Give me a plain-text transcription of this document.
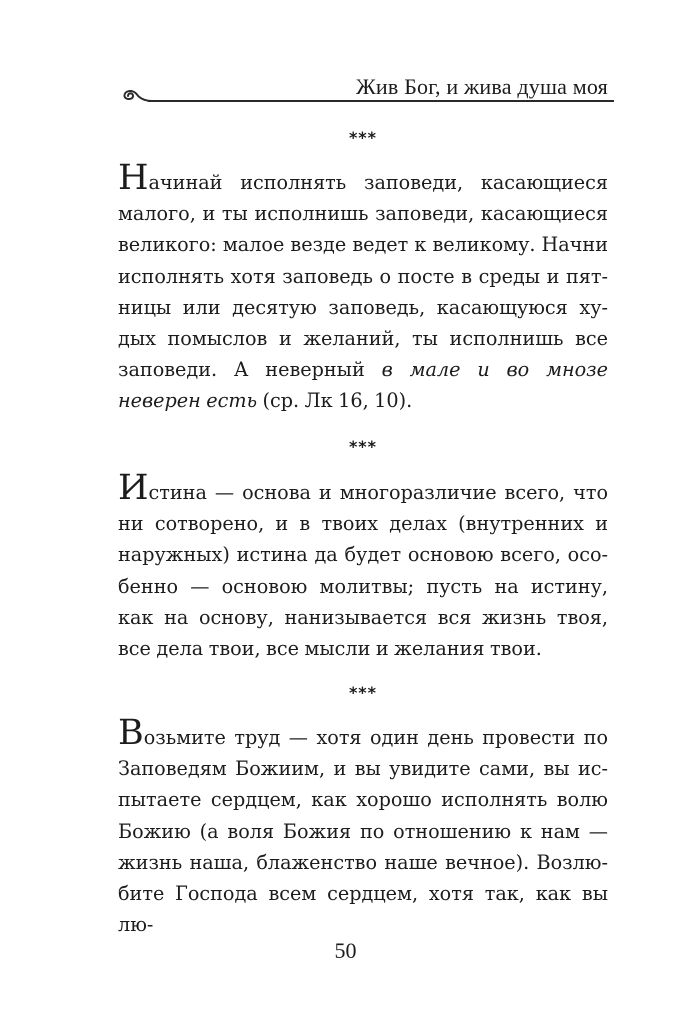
Жив Бог, и жива душа моя
***

Начинай исполнять заповеди, касающиеся малого, и ты исполнишь заповеди, касающиеся великого: малое везде ведет к великому. Начни исполнять хотя заповедь о посте в среды и пятницы или десятую заповедь, касающуюся худых помыслов и желаний, ты исполнишь все заповеди. А неверный в мале и во мнозе неверен есть (ср. Лк 16, 10).

***

Истина — основа и многоразличие всего, что ни сотворено, и в твоих делах (внутренних и наружных) истина да будет основою всего, особенно — основою молитвы; пусть на истину, как на основу, нанизывается вся жизнь твоя, все дела твои, все мысли и желания твои.

***

Возьмите труд — хотя один день провести по Заповедям Божиим, и вы увидите сами, вы испытаете сердцем, как хорошо исполнять волю Божию (а воля Божия по отношению к нам — жизнь наша, блаженство наше вечное). Возлюбите Господа всем сердцем, хотя так, как вы лю-

50
